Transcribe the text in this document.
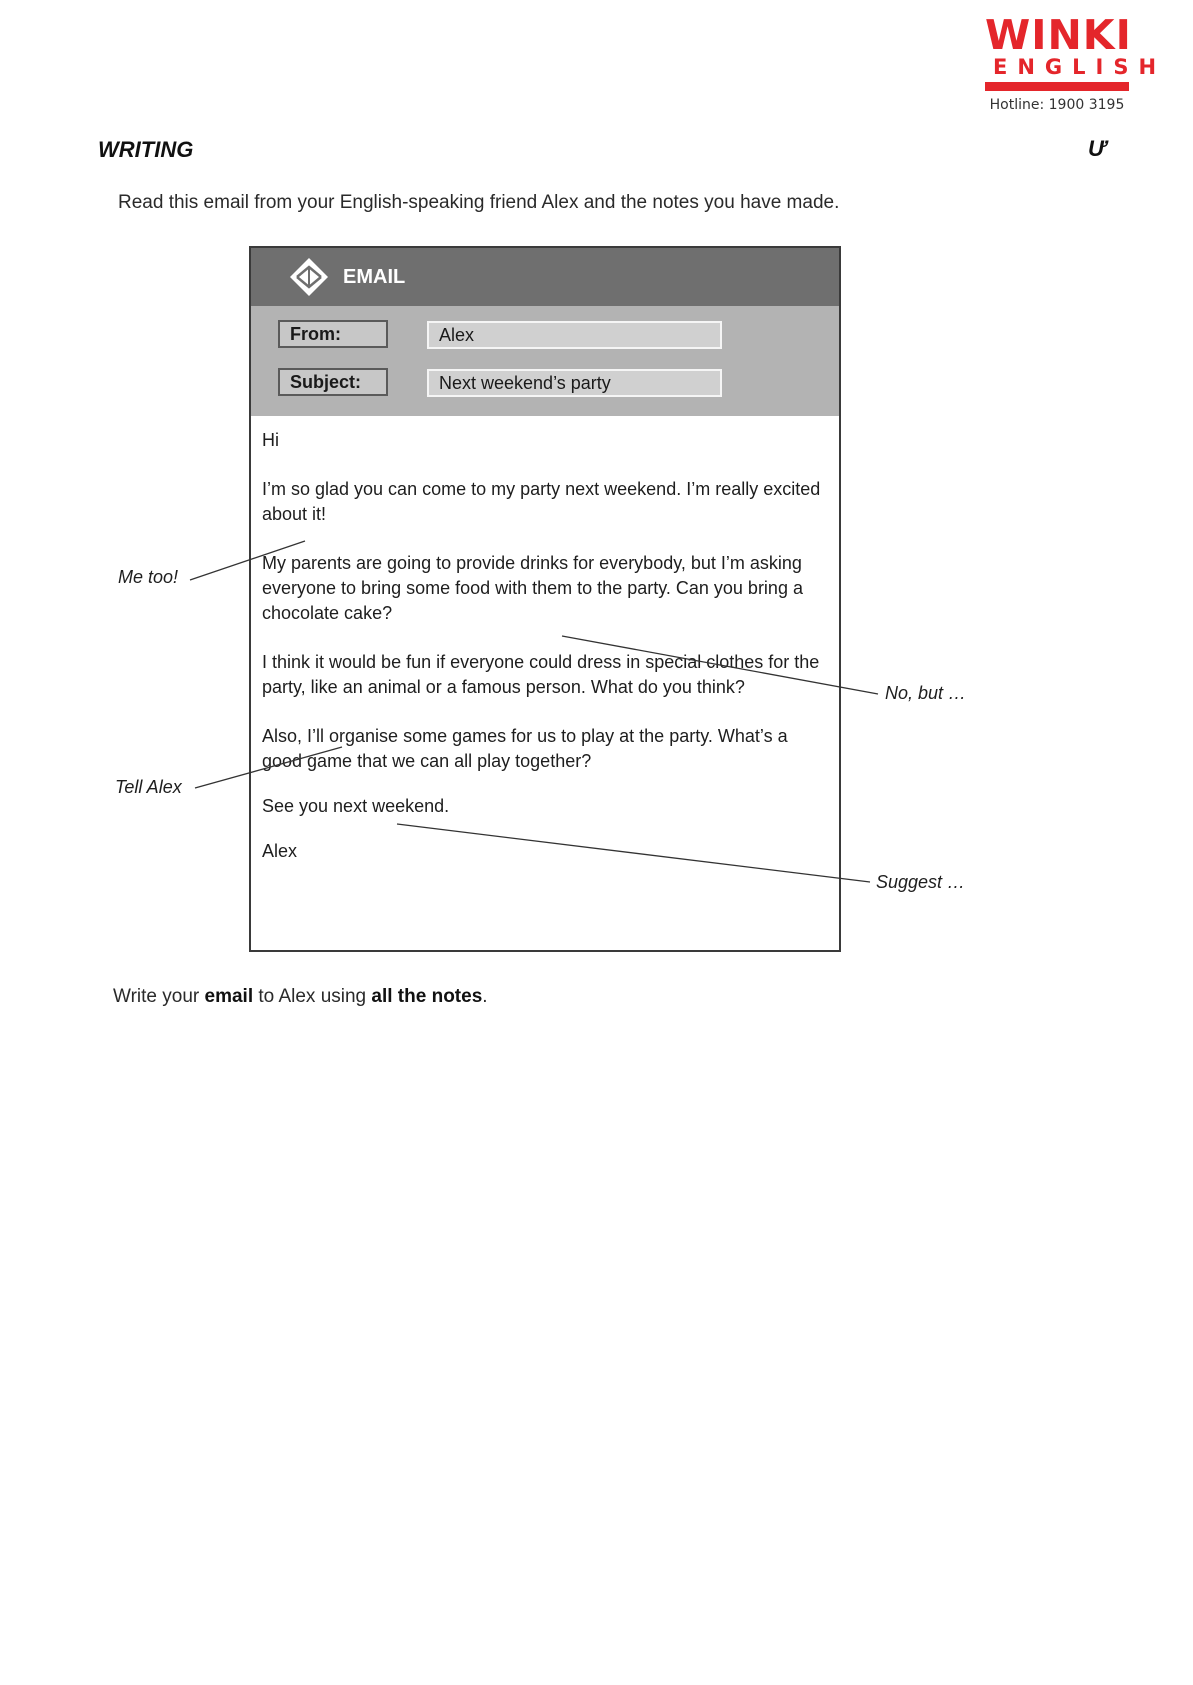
WINKI
ENGLISH
Hotline: 1900 3195
WRITING	Ư
Read this email from your English-speaking friend Alex and the notes you have made.
EMAIL
From:	Alex
Subject:	Next weekend’s party

Hi

I’m so glad you can come to my party next weekend. I’m really excited about it!

My parents are going to provide drinks for everybody, but I’m asking everyone to bring some food with them to the party. Can you bring a chocolate cake?

I think it would be fun if everyone could dress in special clothes for the party, like an animal or a famous person. What do you think?

Also, I’ll organise some games for us to play at the party. What’s a good game that we can all play together?

See you next weekend.

Alex

Me too!
No, but …
Tell Alex
Suggest …
Write your email to Alex using all the notes.
